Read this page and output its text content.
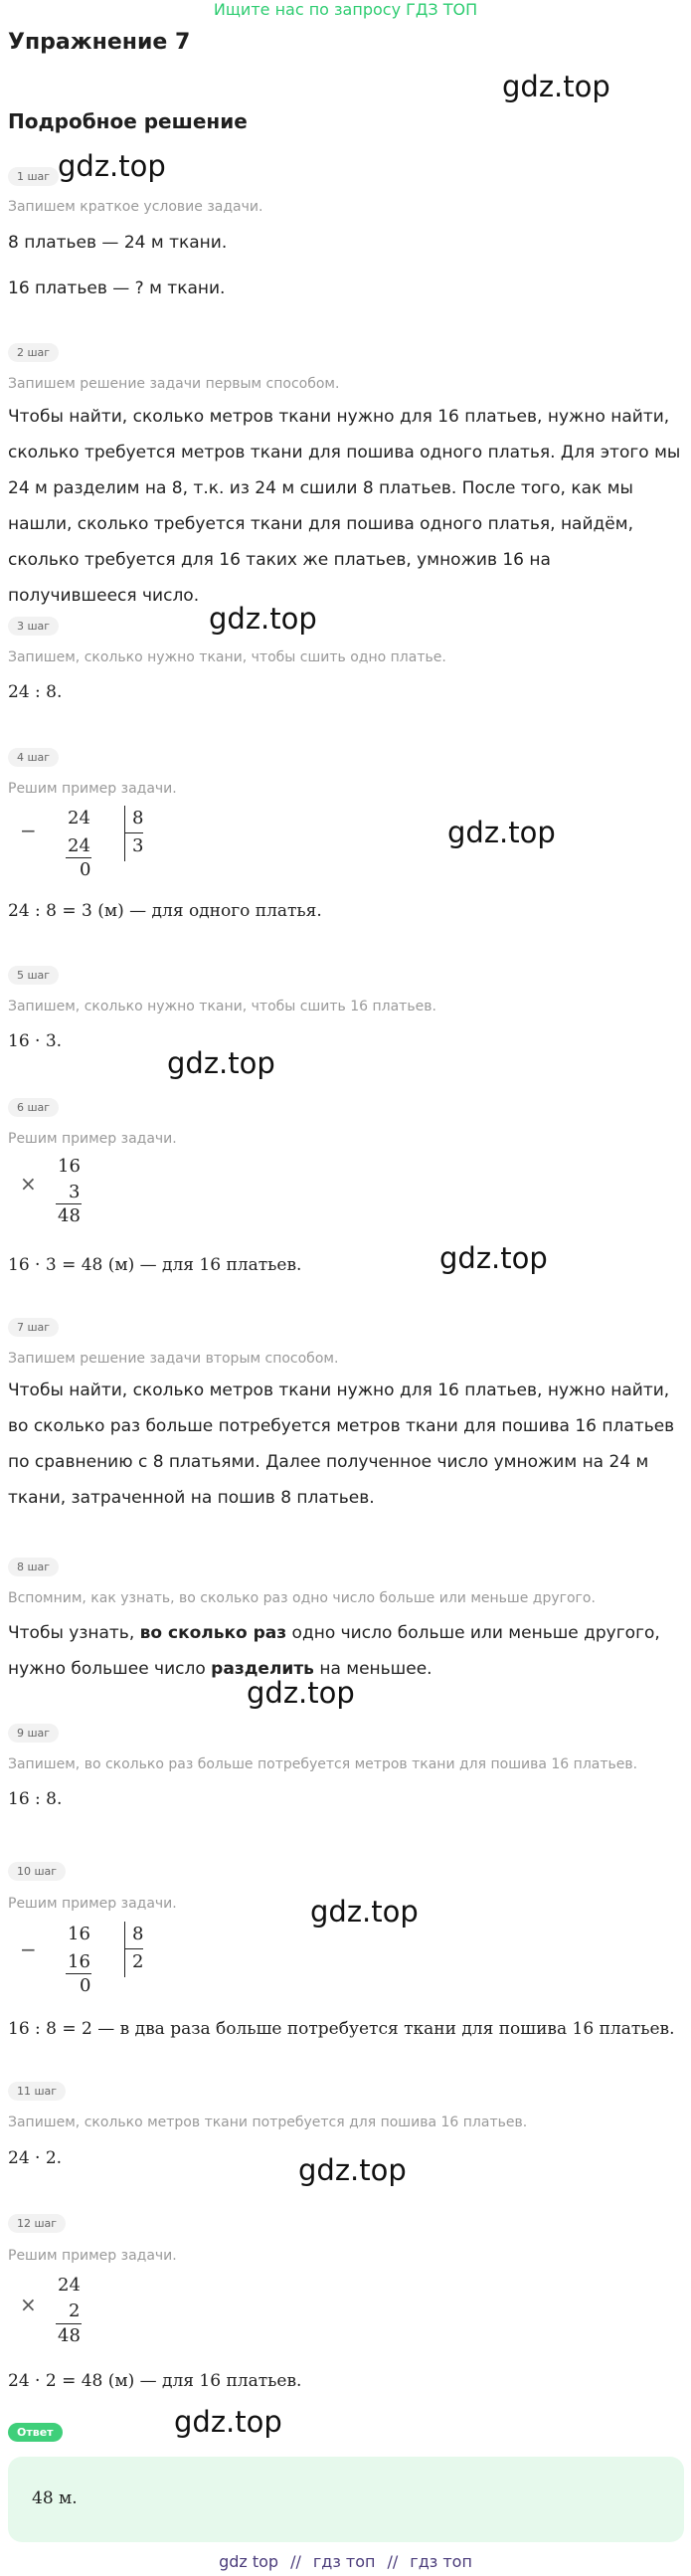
Ищите нас по запросу ГДЗ ТОП
Упражнение 7
gdz.top
Подробное решение
1 шаг gdz.top
Запишем краткое условие задачи.
8 платьев — 24 м ткани.
16 платьев — ? м ткани.
2 шаг
Запишем решение задачи первым способом.
Чтобы найти, сколько метров ткани нужно для 16 платьев, нужно найти, сколько требуется метров ткани для пошива одного платья. Для этого мы 24 м разделим на 8, т.к. из 24 м сшили 8 платьев. После того, как мы нашли, сколько требуется ткани для пошива одного платья, найдём, сколько требуется для 16 таких же платьев, умножив 16 на получившееся число.
gdz.top
3 шаг
Запишем, сколько нужно ткани, чтобы сшить одно платье.
24 : 8.
4 шаг
Решим пример задачи.
−
24
24
0
8
3	gdz.top
24 : 8 = 3 (м) — для одного платья.
5 шаг
Запишем, сколько нужно ткани, чтобы сшить 16 платьев.
16 · 3.
gdz.top
6 шаг
Решим пример задачи.
×
16
3
48
16 · 3 = 48 (м) — для 16 платьев.	gdz.top
7 шаг
Запишем решение задачи вторым способом.
Чтобы найти, сколько метров ткани нужно для 16 платьев, нужно найти, во сколько раз больше потребуется метров ткани для пошива 16 платьев по сравнению с 8 платьями. Далее полученное число умножим на 24 м ткани, затраченной на пошив 8 платьев.
8 шаг
Вспомним, как узнать, во сколько раз одно число больше или меньше другого.
Чтобы узнать, во сколько раз одно число больше или меньше другого, нужно большее число разделить на меньшее.
gdz.top
9 шаг
Запишем, во сколько раз больше потребуется метров ткани для пошива 16 платьев.
16 : 8.
10 шаг
Решим пример задачи.	gdz.top
−
16
16
0
8
2
16 : 8 = 2 — в два раза больше потребуется ткани для пошива 16 платьев.
11 шаг
Запишем, сколько метров ткани потребуется для пошива 16 платьев.
24 · 2.	gdz.top
12 шаг
Решим пример задачи.
×
24
2
48
24 · 2 = 48 (м) — для 16 платьев.
gdz.top
Ответ
48 м.
gdz top // гдз топ // гдз топ
